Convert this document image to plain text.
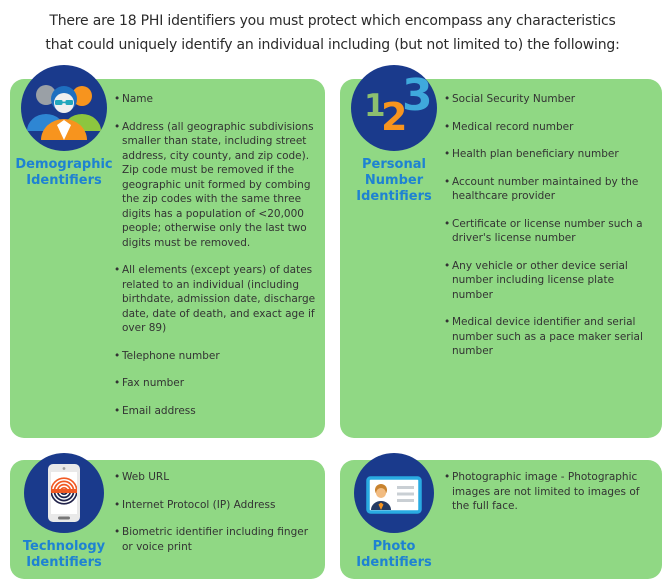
There are 18 PHI identifiers you must protect which encompass any characteristics
that could uniquely identify an individual including (but not limited to) the following:
Demographic Identifiers
• Name
• Address (all geographic subdivisions smaller than state, including street address, city county, and zip code). Zip code must be removed if the geographic unit formed by combing the zip codes with the same three digits has a population of <20,000 people; otherwise only the last two digits must be removed.
• All elements (except years) of dates related to an individual (including birthdate, admission date, discharge date, date of death, and exact age if over 89)
• Telephone number
• Fax number
• Email address
1
2
3
Personal Number Identifiers
• Social Security Number
• Medical record number
• Health plan beneficiary number
• Account number maintained by the healthcare provider
• Certificate or license number such a driver's license number
• Any vehicle or other device serial number including license plate number
• Medical device identifier and serial number such as a pace maker serial number
Technology Identifiers
• Web URL
• Internet Protocol (IP) Address
• Biometric identifier including finger or voice print	Photo Identifiers
• Photographic image - Photographic images are not limited to images of the full face.
